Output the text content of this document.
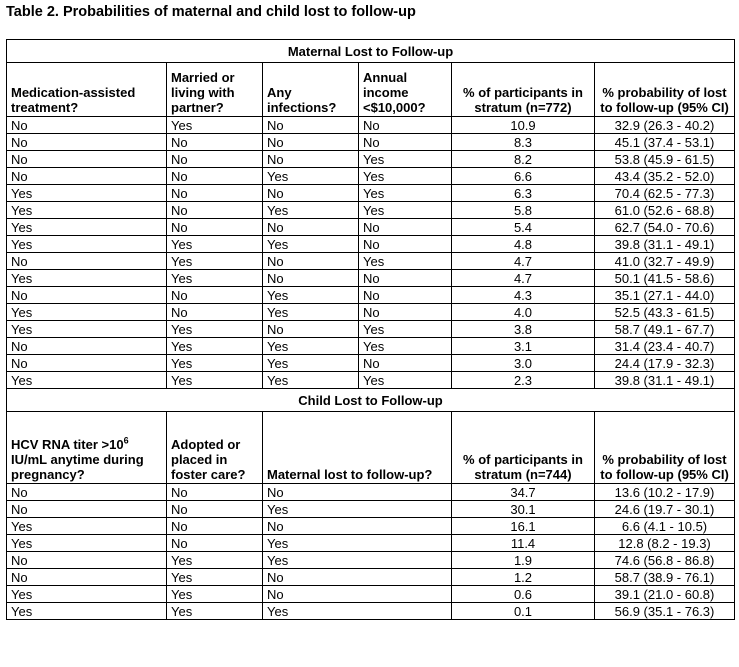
Table 2. Probabilities of maternal and child lost to follow-up
Maternal Lost to Follow-up					
Medication-assisted treatment?	Married or living with partner?	Any infections?	Annual income <$10,000?	% of participants in stratum (n=772)	% probability of lost to follow-up (95% CI)
No	Yes	No	No	10.9	32.9 (26.3 - 40.2)
No	No	No	No	8.3	45.1 (37.4 - 53.1)
No	No	No	Yes	8.2	53.8 (45.9 - 61.5)
No	No	Yes	Yes	6.6	43.4 (35.2 - 52.0)
Yes	No	No	Yes	6.3	70.4 (62.5 - 77.3)
Yes	No	Yes	Yes	5.8	61.0 (52.6 - 68.8)
Yes	No	No	No	5.4	62.7 (54.0 - 70.6)
Yes	Yes	Yes	No	4.8	39.8 (31.1 - 49.1)
No	Yes	No	Yes	4.7	41.0 (32.7 - 49.9)
Yes	Yes	No	No	4.7	50.1 (41.5 - 58.6)
No	No	Yes	No	4.3	35.1 (27.1 - 44.0)
Yes	No	Yes	No	4.0	52.5 (43.3 - 61.5)
Yes	Yes	No	Yes	3.8	58.7 (49.1 - 67.7)
No	Yes	Yes	Yes	3.1	31.4 (23.4 - 40.7)
No	Yes	Yes	No	3.0	24.4 (17.9 - 32.3)
Yes	Yes	Yes	Yes	2.3	39.8 (31.1 - 49.1)
Child Lost to Follow-up					
HCV RNA titer $>10^6$ IU/mL anytime during pregnancy?	Adopted or placed in foster care?	Maternal lost to follow-up?		% of participants in stratum (n=744)	% probability of lost to follow-up (95% CI)
No	No	No		34.7	13.6 (10.2 - 17.9)
No	No	Yes		30.1	24.6 (19.7 - 30.1)
Yes	No	No		16.1	6.6 (4.1 - 10.5)
Yes	No	Yes		11.4	12.8 (8.2 - 19.3)
No	Yes	Yes		1.9	74.6 (56.8 - 86.8)
No	Yes	No		1.2	58.7 (38.9 - 76.1)
Yes	Yes	No		0.6	39.1 (21.0 - 60.8)
Yes	Yes	Yes		0.1	56.9 (35.1 - 76.3)
